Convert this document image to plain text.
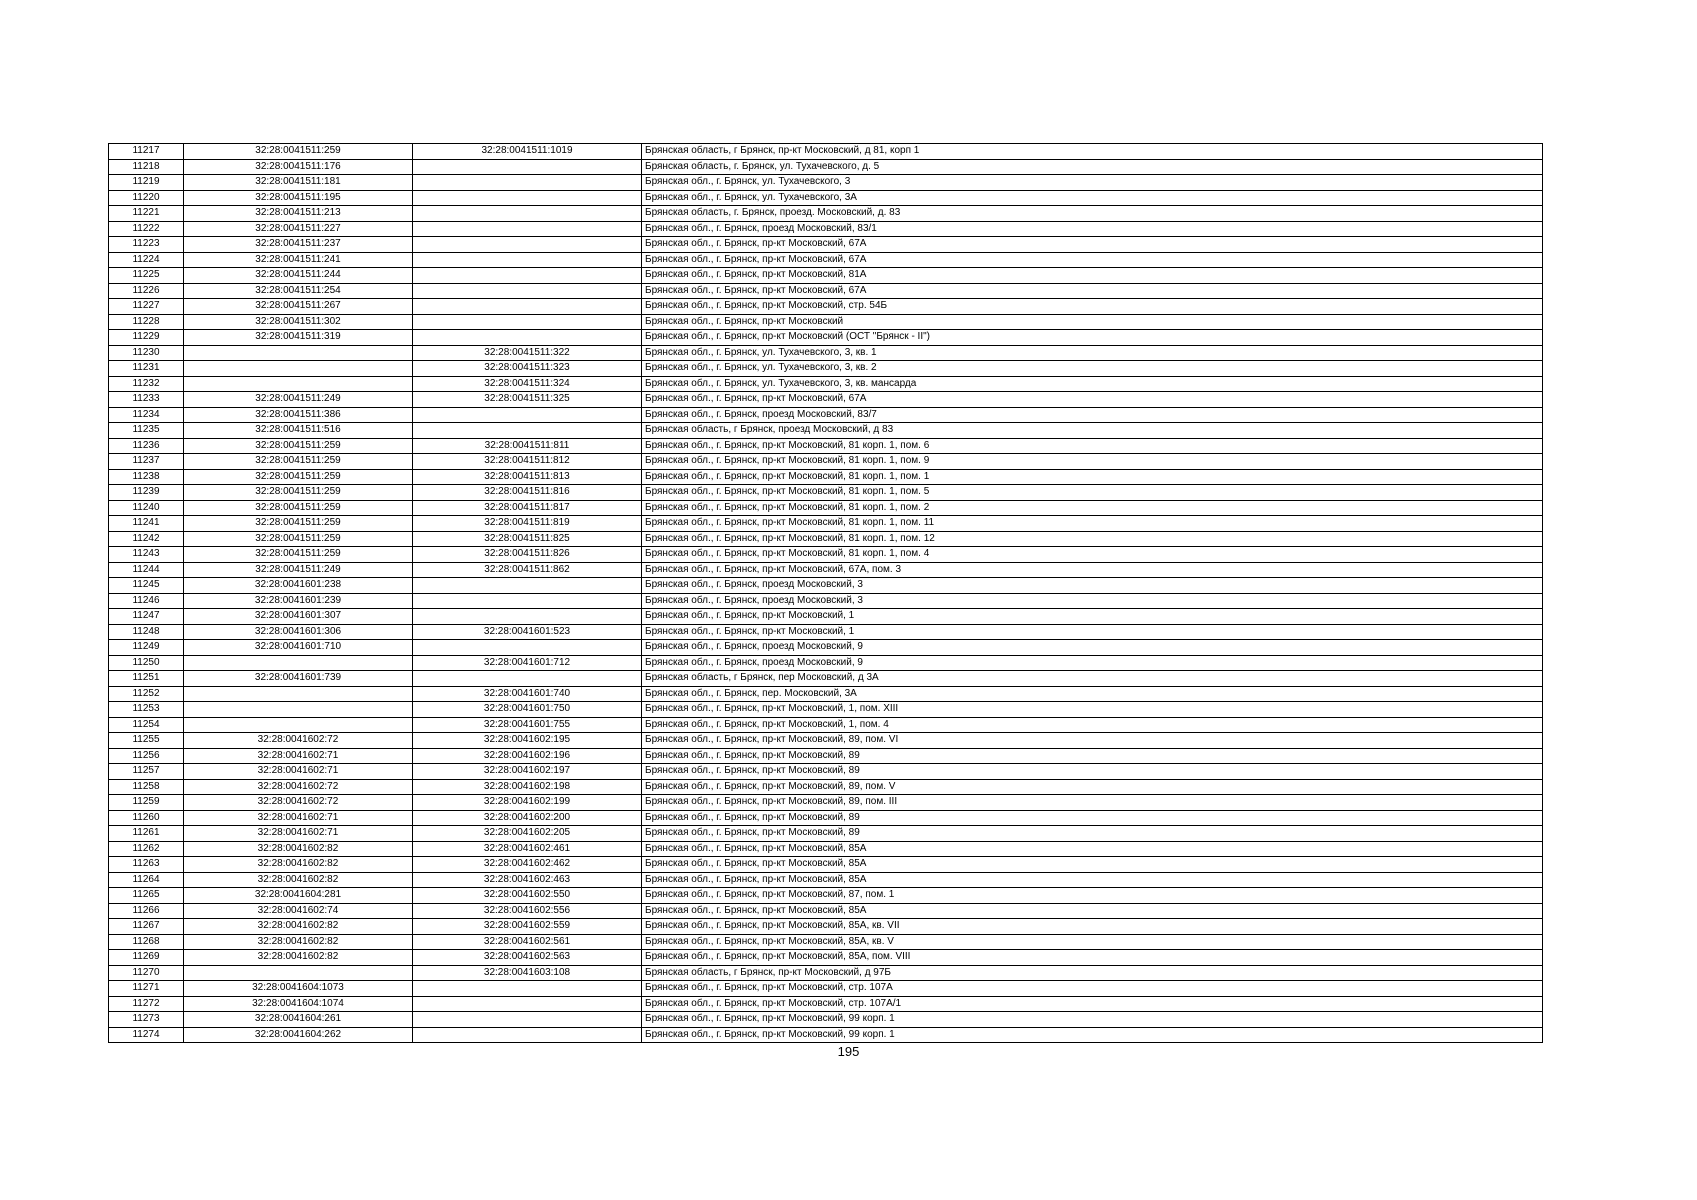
11217	32:28:0041511:259	32:28:0041511:1019	Брянская область, г Брянск, пр-кт Московский, д 81, корп 1
11218	32:28:0041511:176		Брянская область, г. Брянск, ул. Тухачевского, д. 5
11219	32:28:0041511:181		Брянская обл., г. Брянск, ул. Тухачевского, 3
11220	32:28:0041511:195		Брянская обл., г. Брянск, ул. Тухачевского, 3А
11221	32:28:0041511:213		Брянская область, г. Брянск, проезд. Московский, д. 83
11222	32:28:0041511:227		Брянская обл., г. Брянск, проезд Московский, 83/1
11223	32:28:0041511:237		Брянская обл., г. Брянск, пр-кт Московский, 67А
11224	32:28:0041511:241		Брянская обл., г. Брянск, пр-кт Московский, 67А
11225	32:28:0041511:244		Брянская обл., г. Брянск, пр-кт Московский, 81А
11226	32:28:0041511:254		Брянская обл., г. Брянск, пр-кт Московский, 67А
11227	32:28:0041511:267		Брянская обл., г. Брянск, пр-кт Московский, стр. 54Б
11228	32:28:0041511:302		Брянская обл., г. Брянск, пр-кт Московский
11229	32:28:0041511:319		Брянская обл., г. Брянск, пр-кт Московский (ОСТ "Брянск - II")
11230		32:28:0041511:322	Брянская обл., г. Брянск, ул. Тухачевского, 3, кв. 1
11231		32:28:0041511:323	Брянская обл., г. Брянск, ул. Тухачевского, 3, кв. 2
11232		32:28:0041511:324	Брянская обл., г. Брянск, ул. Тухачевского, 3, кв. мансарда
11233	32:28:0041511:249	32:28:0041511:325	Брянская обл., г. Брянск, пр-кт Московский, 67А
11234	32:28:0041511:386		Брянская обл., г. Брянск, проезд Московский, 83/7
11235	32:28:0041511:516		Брянская область, г Брянск, проезд Московский, д 83
11236	32:28:0041511:259	32:28:0041511:811	Брянская обл., г. Брянск, пр-кт Московский, 81 корп. 1, пом. 6
11237	32:28:0041511:259	32:28:0041511:812	Брянская обл., г. Брянск, пр-кт Московский, 81 корп. 1, пом. 9
11238	32:28:0041511:259	32:28:0041511:813	Брянская обл., г. Брянск, пр-кт Московский, 81 корп. 1, пом. 1
11239	32:28:0041511:259	32:28:0041511:816	Брянская обл., г. Брянск, пр-кт Московский, 81 корп. 1, пом. 5
11240	32:28:0041511:259	32:28:0041511:817	Брянская обл., г. Брянск, пр-кт Московский, 81 корп. 1, пом. 2
11241	32:28:0041511:259	32:28:0041511:819	Брянская обл., г. Брянск, пр-кт Московский, 81 корп. 1, пом. 11
11242	32:28:0041511:259	32:28:0041511:825	Брянская обл., г. Брянск, пр-кт Московский, 81 корп. 1, пом. 12
11243	32:28:0041511:259	32:28:0041511:826	Брянская обл., г. Брянск, пр-кт Московский, 81 корп. 1, пом. 4
11244	32:28:0041511:249	32:28:0041511:862	Брянская обл., г. Брянск, пр-кт Московский, 67А, пом. 3
11245	32:28:0041601:238		Брянская обл., г. Брянск, проезд Московский, 3
11246	32:28:0041601:239		Брянская обл., г. Брянск, проезд Московский, 3
11247	32:28:0041601:307		Брянская обл., г. Брянск, пр-кт Московский, 1
11248	32:28:0041601:306	32:28:0041601:523	Брянская обл., г. Брянск, пр-кт Московский, 1
11249	32:28:0041601:710		Брянская обл., г. Брянск, проезд Московский, 9
11250		32:28:0041601:712	Брянская обл., г. Брянск, проезд Московский, 9
11251	32:28:0041601:739		Брянская область, г Брянск, пер Московский, д 3А
11252		32:28:0041601:740	Брянская обл., г. Брянск, пер. Московский, 3А
11253		32:28:0041601:750	Брянская обл., г. Брянск, пр-кт Московский, 1, пом. XIII
11254		32:28:0041601:755	Брянская обл., г. Брянск, пр-кт Московский, 1, пом. 4
11255	32:28:0041602:72	32:28:0041602:195	Брянская обл., г. Брянск, пр-кт Московский, 89, пом. VI
11256	32:28:0041602:71	32:28:0041602:196	Брянская обл., г. Брянск, пр-кт Московский, 89
11257	32:28:0041602:71	32:28:0041602:197	Брянская обл., г. Брянск, пр-кт Московский, 89
11258	32:28:0041602:72	32:28:0041602:198	Брянская обл., г. Брянск, пр-кт Московский, 89, пом. V
11259	32:28:0041602:72	32:28:0041602:199	Брянская обл., г. Брянск, пр-кт Московский, 89, пом. III
11260	32:28:0041602:71	32:28:0041602:200	Брянская обл., г. Брянск, пр-кт Московский, 89
11261	32:28:0041602:71	32:28:0041602:205	Брянская обл., г. Брянск, пр-кт Московский, 89
11262	32:28:0041602:82	32:28:0041602:461	Брянская обл., г. Брянск, пр-кт Московский, 85А
11263	32:28:0041602:82	32:28:0041602:462	Брянская обл., г. Брянск, пр-кт Московский, 85А
11264	32:28:0041602:82	32:28:0041602:463	Брянская обл., г. Брянск, пр-кт Московский, 85А
11265	32:28:0041604:281	32:28:0041602:550	Брянская обл., г. Брянск, пр-кт Московский, 87, пом. 1
11266	32:28:0041602:74	32:28:0041602:556	Брянская обл., г. Брянск, пр-кт Московский, 85А
11267	32:28:0041602:82	32:28:0041602:559	Брянская обл., г. Брянск, пр-кт Московский, 85А, кв. VII
11268	32:28:0041602:82	32:28:0041602:561	Брянская обл., г. Брянск, пр-кт Московский, 85А, кв. V
11269	32:28:0041602:82	32:28:0041602:563	Брянская обл., г. Брянск, пр-кт Московский, 85А, пом. VIII
11270		32:28:0041603:108	Брянская область, г Брянск, пр-кт Московский, д 97Б
11271	32:28:0041604:1073		Брянская обл., г. Брянск, пр-кт Московский, стр. 107А
11272	32:28:0041604:1074		Брянская обл., г. Брянск, пр-кт Московский, стр. 107А/1
11273	32:28:0041604:261		Брянская обл., г. Брянск, пр-кт Московский, 99 корп. 1
11274	32:28:0041604:262		Брянская обл., г. Брянск, пр-кт Московский, 99 корп. 1
195
